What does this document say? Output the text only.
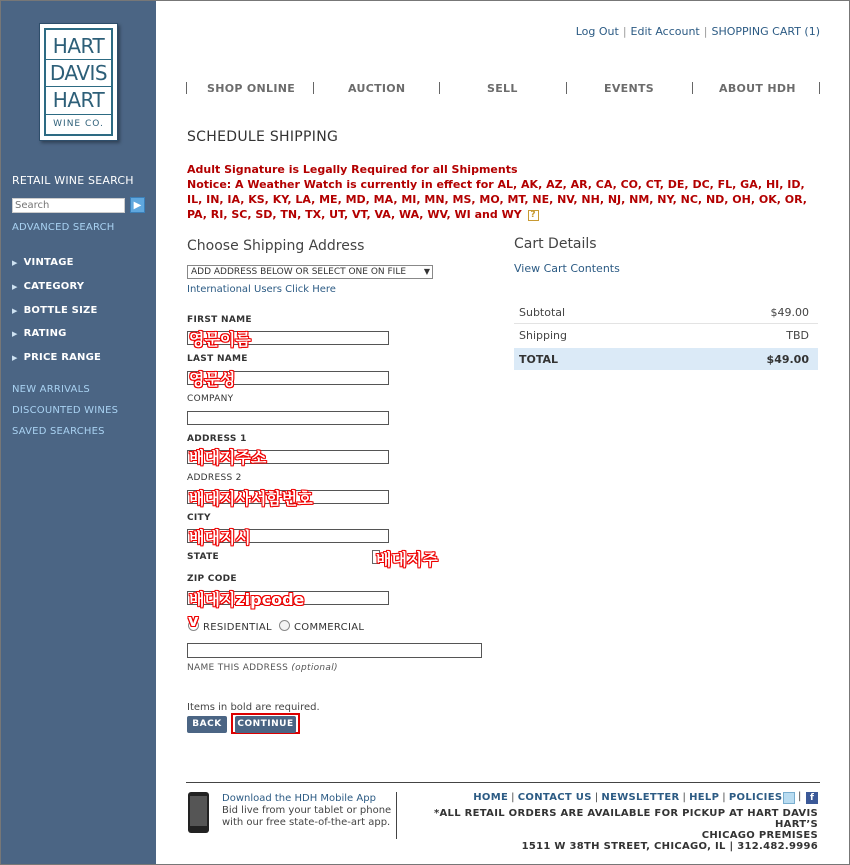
HART
DAVIS
HART
WINE CO.
RETAIL WINE SEARCH
Search
▶
ADVANCED SEARCH
▶ VINTAGE
▶ CATEGORY
▶ BOTTLE SIZE
▶ RATING
▶ PRICE RANGE
NEW ARRIVALS
DISCOUNTED WINES
SAVED SEARCHES
Log Out | Edit Account | SHOPPING CART (1)
SHOP ONLINE	AUCTION	SELL	EVENTS	ABOUT HDH
SCHEDULE SHIPPING
Adult Signature is Legally Required for all Shipments
Notice: A Weather Watch is currently in effect for AL, AK, AZ, AR, CA, CO, CT, DE, DC, FL, GA, HI, ID, IL, IN, IA, KS, KY, LA, ME, MD, MA, MI, MN, MS, MO, MT, NE, NV, NH, NJ, NM, NY, NC, ND, OH, OK, OR, PA, RI, SC, SD, TN, TX, UT, VT, VA, WA, WV, WI and WY ?
Choose Shipping Address
ADD ADDRESS BELOW OR SELECT ONE ON FILE ▼
International Users Click Here
FIRST NAME
영문이름
LAST NAME
영문성
COMPANY
ADDRESS 1
배대지주소
ADDRESS 2
배대지사서함번호
CITY
배대지시
STATE	배대지주
ZIP CODE
배대지zipcode
v RESIDENTIAL COMMERCIAL
NAME THIS ADDRESS (optional)
Items in bold are required.
BACK	CONTINUE
Cart Details
View Cart Contents
Subtotal	$49.00
Shipping	TBD
TOTAL	$49.00
Download the HDH Mobile App
Bid live from your tablet or phone
with our free state-of-the-art app.
HOME | CONTACT US | NEWSLETTER | HELP | POLICIES	| f
*ALL RETAIL ORDERS ARE AVAILABLE FOR PICKUP AT HART DAVIS HART’S
CHICAGO PREMISES
1511 W 38TH STREET, CHICAGO, IL | 312.482.9996
